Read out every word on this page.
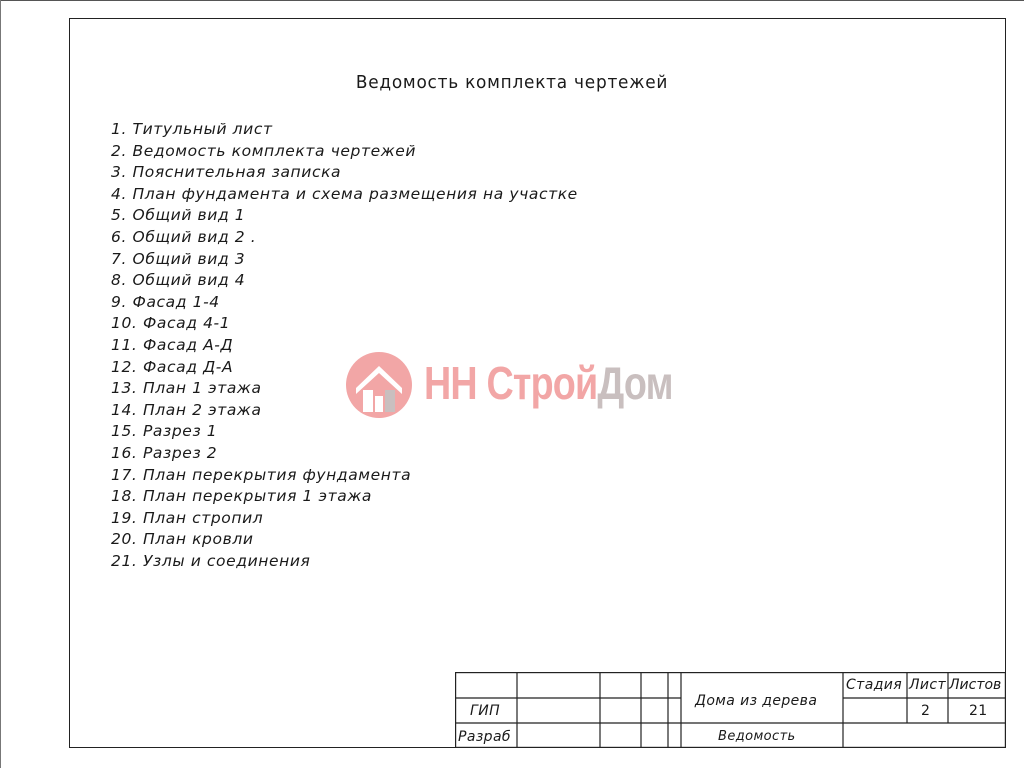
Ведомость комплекта чертежей
1. Титульный лист
2. Ведомость комплекта чертежей
3. Пояснительная записка
4. План фундамента и схема размещения на участке
5. Общий вид 1
6. Общий вид 2 .
7. Общий вид 3
8. Общий вид 4
9. Фасад 1-4
10. Фасад 4-1
11. Фасад А-Д
12. Фасад Д-А
13. План 1 этажа
14. План 2 этажа
15. Разрез 1
16. Разрез 2
17. План перекрытия фундамента
18. План перекрытия 1 этажа
19. План стропил
20. План кровли
21. Узлы и соединения
НН СтройДом
ГИП
Разраб
Дома из дерева
Ведомость
Стадия Лист Листов
2	21
